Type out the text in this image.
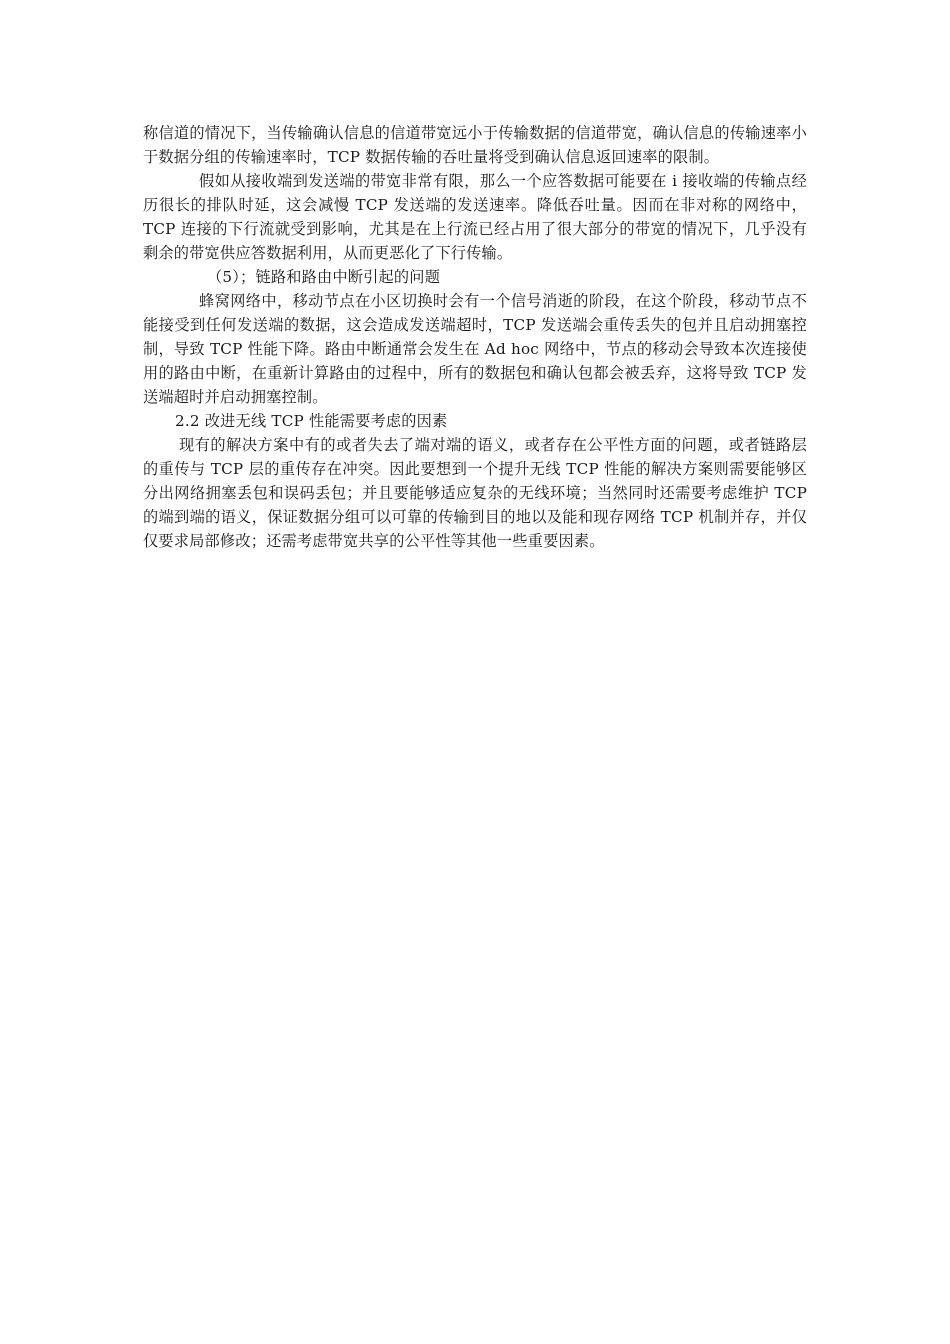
称信道的情况下，当传输确认信息的信道带宽远小于传输数据的信道带宽，确认信息的传输速率小于数据分组的传输速率时，TCP 数据传输的吞吐量将受到确认信息返回速率的限制。

假如从接收端到发送端的带宽非常有限，那么一个应答数据可能要在 i 接收端的传输点经历很长的排队时延，这会减慢 TCP 发送端的发送速率。降低吞吐量。因而在非对称的网络中，TCP 连接的下行流就受到影响，尤其是在上行流已经占用了很大部分的带宽的情况下，几乎没有剩余的带宽供应答数据利用，从而更恶化了下行传输。

（5）；链路和路由中断引起的问题

蜂窝网络中，移动节点在小区切换时会有一个信号消逝的阶段，在这个阶段，移动节点不能接受到任何发送端的数据，这会造成发送端超时，TCP 发送端会重传丢失的包并且启动拥塞控制，导致 TCP 性能下降。路由中断通常会发生在 Ad hoc 网络中，节点的移动会导致本次连接使用的路由中断，在重新计算路由的过程中，所有的数据包和确认包都会被丢弃，这将导致 TCP 发送端超时并启动拥塞控制。

2.2 改进无线 TCP 性能需要考虑的因素

现有的解决方案中有的或者失去了端对端的语义，或者存在公平性方面的问题，或者链路层的重传与 TCP 层的重传存在冲突。因此要想到一个提升无线 TCP 性能的解决方案则需要能够区分出网络拥塞丢包和误码丢包；并且要能够适应复杂的无线环境；当然同时还需要考虑维护 TCP 的端到端的语义，保证数据分组可以可靠的传输到目的地以及能和现存网络 TCP 机制并存，并仅仅要求局部修改；还需考虑带宽共享的公平性等其他一些重要因素。
